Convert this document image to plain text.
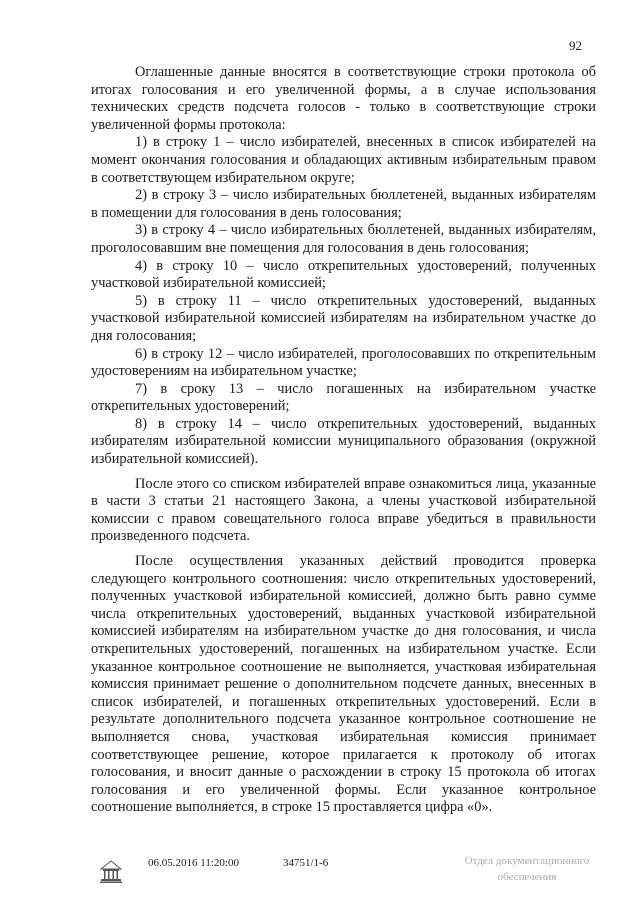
92

Оглашенные данные вносятся в соответствующие строки протокола об итогах голосования и его увеличенной формы, а в случае использования технических средств подсчета голосов - только в соответствующие строки увеличенной формы протокола:

1) в строку 1 – число избирателей, внесенных в список избирателей на момент окончания голосования и обладающих активным избирательным правом в соответствующем избирательном округе;

2) в строку 3 – число избирательных бюллетеней, выданных избирателям в помещении для голосования в день голосования;

3) в строку 4 – число избирательных бюллетеней, выданных избирателям, проголосовавшим вне помещения для голосования в день голосования;

4) в строку 10 – число открепительных удостоверений, полученных участковой избирательной комиссией;

5) в строку 11 – число открепительных удостоверений, выданных участковой избирательной комиссией избирателям на избирательном участке до дня голосования;

6) в строку 12 – число избирателей, проголосовавших по открепительным удостоверениям на избирательном участке;

7) в сроку 13 – число погашенных на избирательном участке открепительных удостоверений;

8) в строку 14 – число открепительных удостоверений, выданных избирателям избирательной комиссии муниципального образования (окружной избирательной комиссией).

После этого со списком избирателей вправе ознакомиться лица, указанные в части 3 статьи 21 настоящего Закона, а члены участковой избирательной комиссии с правом совещательного голоса вправе убедиться в правильности произведенного подсчета.

После осуществления указанных действий проводится проверка следующего контрольного соотношения: число открепительных удостоверений, полученных участковой избирательной комиссией, должно быть равно сумме числа открепительных удостоверений, выданных участковой избирательной комиссией избирателям на избирательном участке до дня голосования, и числа открепительных удостоверений, погашенных на избирательном участке. Если указанное контрольное соотношение не выполняется, участковая избирательная комиссия принимает решение о дополнительном подсчете данных, внесенных в список избирателей, и погашенных открепительных удостоверений. Если в результате дополнительного подсчета указанное контрольное соотношение не выполняется снова, участковая избирательная комиссия принимает соответствующее решение, которое прилагается к протоколу об итогах голосования, и вносит данные о расхождении в строку 15 протокола об итогах голосования и его увеличенной формы. Если указанное контрольное соотношение выполняется, в строке 15 проставляется цифра «0».

06.05.2016 11:20:00	34751/1-6	Отдел документационного
обеспечения
